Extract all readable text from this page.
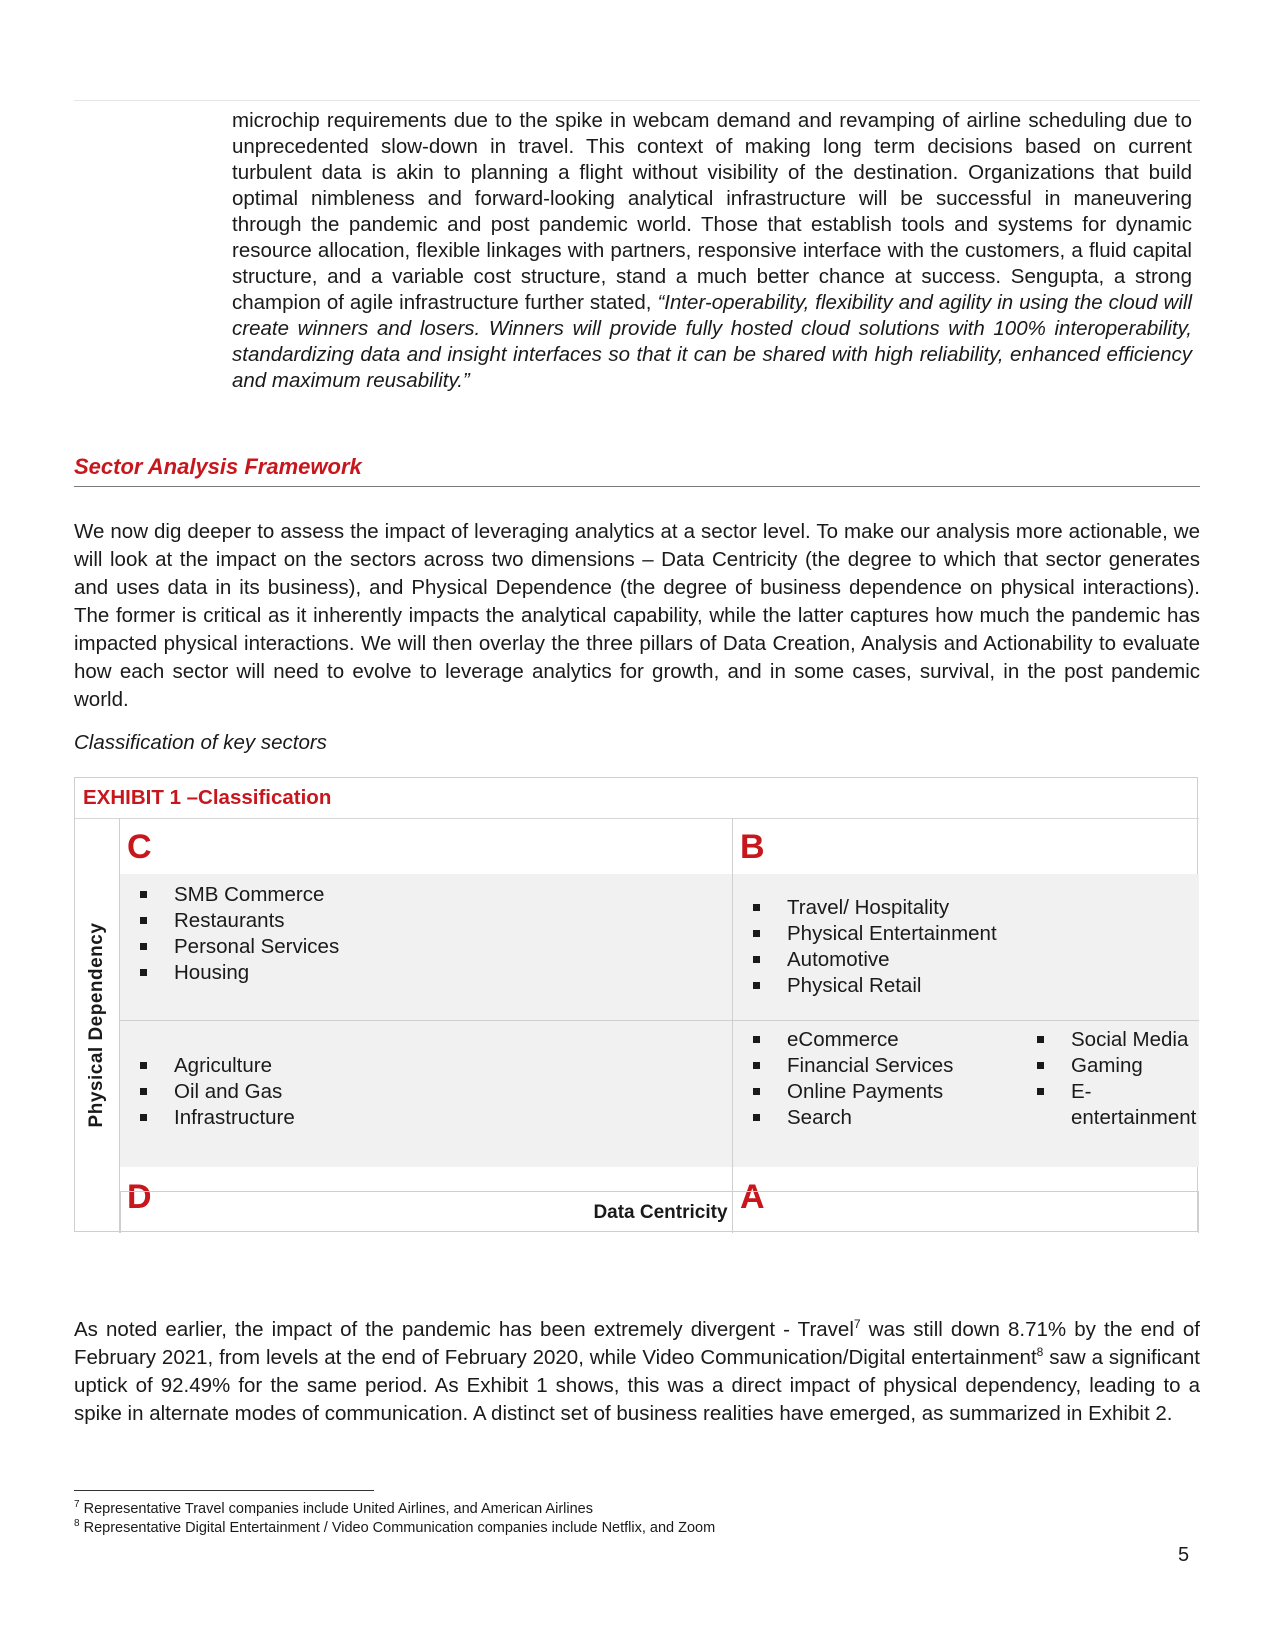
microchip requirements due to the spike in webcam demand and revamping of airline scheduling due to unprecedented slow-down in travel. This context of making long term decisions based on current turbulent data is akin to planning a flight without visibility of the destination. Organizations that build optimal nimbleness and forward-looking analytical infrastructure will be successful in maneuvering through the pandemic and post pandemic world. Those that establish tools and systems for dynamic resource allocation, flexible linkages with partners, responsive interface with the customers, a fluid capital structure, and a variable cost structure, stand a much better chance at success. Sengupta, a strong champion of agile infrastructure further stated, “Inter-operability, flexibility and agility in using the cloud will create winners and losers. Winners will provide fully hosted cloud solutions with 100% interoperability, standardizing data and insight interfaces so that it can be shared with high reliability, enhanced efficiency and maximum reusability.”

Sector Analysis Framework

We now dig deeper to assess the impact of leveraging analytics at a sector level. To make our analysis more actionable, we will look at the impact on the sectors across two dimensions – Data Centricity (the degree to which that sector generates and uses data in its business), and Physical Dependence (the degree of business dependence on physical interactions). The former is critical as it inherently impacts the analytical capability, while the latter captures how much the pandemic has impacted physical interactions. We will then overlay the three pillars of Data Creation, Analysis and Actionability to evaluate how each sector will need to evolve to leverage analytics for growth, and in some cases, survival, in the post pandemic world.

Classification of key sectors

EXHIBIT 1 –Classification

Physical Dependency
SMB Commerce
Restaurants
Personal Services
Housing
Travel/ Hospitality
Physical Entertainment
Automotive
Physical Retail
Agriculture
Oil and Gas
Infrastructure
eCommerce
Financial Services
Online Payments
Search
Social Media
Gaming
E-entertainment

C	B

D	A

Data Centricity

As noted earlier, the impact of the pandemic has been extremely divergent - Travel$^7$ was still down 8.71% by the end of February 2021, from levels at the end of February 2020, while Video Communication/Digital entertainment$^8$ saw a significant uptick of 92.49% for the same period. As Exhibit 1 shows, this was a direct impact of physical dependency, leading to a spike in alternate modes of communication. A distinct set of business realities have emerged, as summarized in Exhibit 2.

$^7$ Representative Travel companies include United Airlines, and American Airlines

$^8$ Representative Digital Entertainment / Video Communication companies include Netflix, and Zoom

5
